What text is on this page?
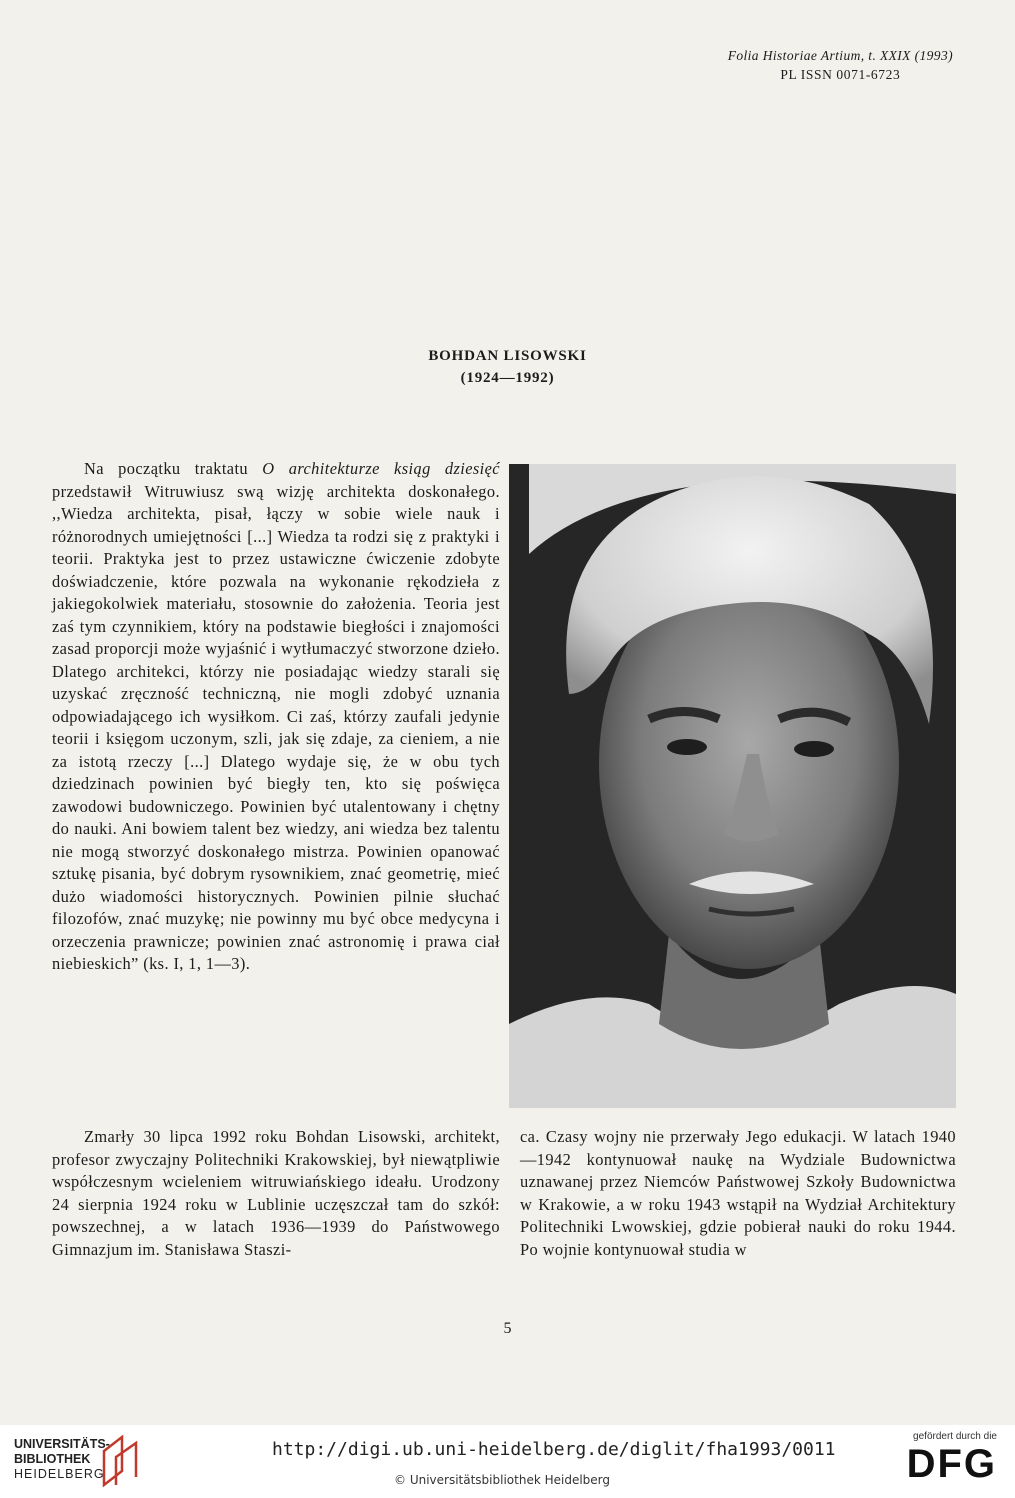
Folia Historiae Artium, t. XXIX (1993)
PL ISSN 0071-6723
BOHDAN LISOWSKI
(1924—1992)

Na początku traktatu O architekturze ksiąg dziesięć przedstawił Witruwiusz swą wizję architekta doskonałego. ,,Wiedza architekta, pisał, łączy w sobie wiele nauk i różnorodnych umiejętności [...] Wiedza ta rodzi się z praktyki i teorii. Praktyka jest to przez ustawiczne ćwiczenie zdobyte doświadczenie, które pozwala na wykonanie rękodzieła z jakiegokolwiek materiału, stosownie do założenia. Teoria jest zaś tym czynnikiem, który na podstawie biegłości i znajomości zasad proporcji może wyjaśnić i wytłumaczyć stworzone dzieło. Dlatego architekci, którzy nie posiadając wiedzy starali się uzyskać zręczność techniczną, nie mogli zdobyć uznania odpowiadającego ich wysiłkom. Ci zaś, którzy zaufali jedynie teorii i księgom uczonym, szli, jak się zdaje, za cieniem, a nie za istotą rzeczy [...] Dlatego wydaje się, że w obu tych dziedzinach powinien być biegły ten, kto się poświęca zawodowi budowniczego. Powinien być utalentowany i chętny do nauki. Ani bowiem talent bez wiedzy, ani wiedza bez talentu nie mogą stworzyć doskonałego mistrza. Powinien opanować sztukę pisania, być dobrym rysownikiem, znać geometrię, mieć dużo wiadomości historycznych. Powinien pilnie słuchać filozofów, znać muzykę; nie powinny mu być obce medycyna i orzeczenia prawnicze; powinien znać astronomię i prawa ciał niebieskich” (ks. I, 1, 1—3).

Zmarły 30 lipca 1992 roku Bohdan Lisowski, architekt, profesor zwyczajny Politechniki Krakowskiej, był niewątpliwie współczesnym wcieleniem witruwiańskiego ideału. Urodzony 24 sierpnia 1924 roku w Lublinie uczęszczał tam do szkół: powszechnej, a w latach 1936—1939 do Państwowego Gimnazjum im. Stanisława Staszi-

ca. Czasy wojny nie przerwały Jego edukacji. W latach 1940—1942 kontynuował naukę na Wydziale Budownictwa uznawanej przez Niemców Państwowej Szkoły Budownictwa w Krakowie, a w roku 1943 wstąpił na Wydział Architektury Politechniki Lwowskiej, gdzie pobierał nauki do roku 1944. Po wojnie kontynuował studia w

5
UNIVERSITÄTS-
BIBLIOTHEK
HEIDELBERG
http://digi.ub.uni-heidelberg.de/diglit/fha1993/0011
© Universitätsbibliothek Heidelberg
gefördert durch die
DFG
